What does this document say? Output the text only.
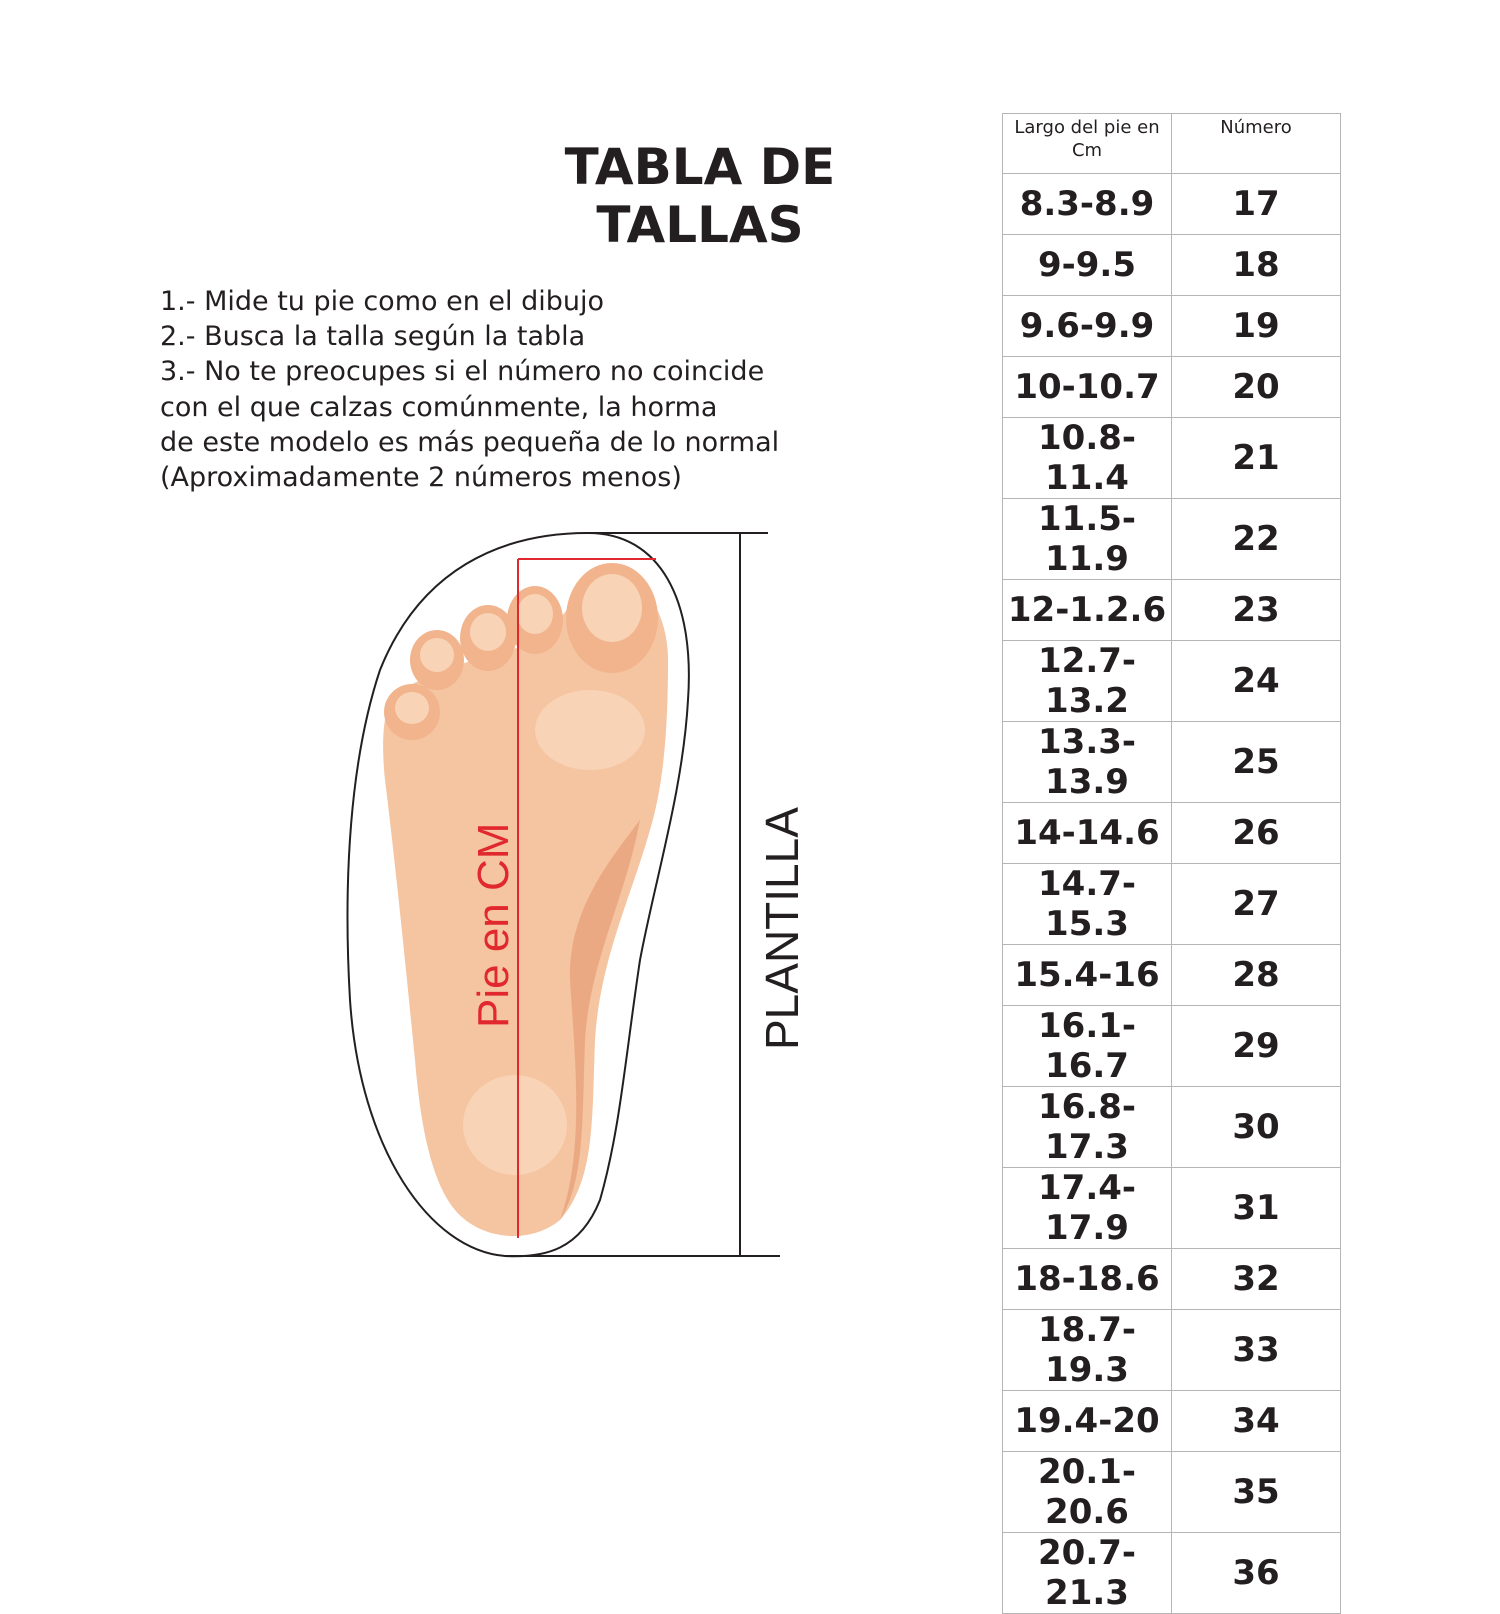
TABLA DE TALLAS
1.- Mide tu pie como en el dibujo
2.- Busca la talla según la tabla
3.- No te preocupes si el número no coincide
con el que calzas comúnmente, la horma
de este modelo es más pequeña de lo normal
(Aproximadamente 2 números menos)
Pie en CM	PLANTILLA
Largo del pie en Cm	Número
8.3-8.9	17
9-9.5	18
9.6-9.9	19
10-10.7	20
10.8-11.4	21
11.5-11.9	22
12-1.2.6	23
12.7-13.2	24
13.3-13.9	25
14-14.6	26
14.7-15.3	27
15.4-16	28
16.1-16.7	29
16.8-17.3	30
17.4-17.9	31
18-18.6	32
18.7-19.3	33
19.4-20	34
20.1-20.6	35
20.7-21.3	36
